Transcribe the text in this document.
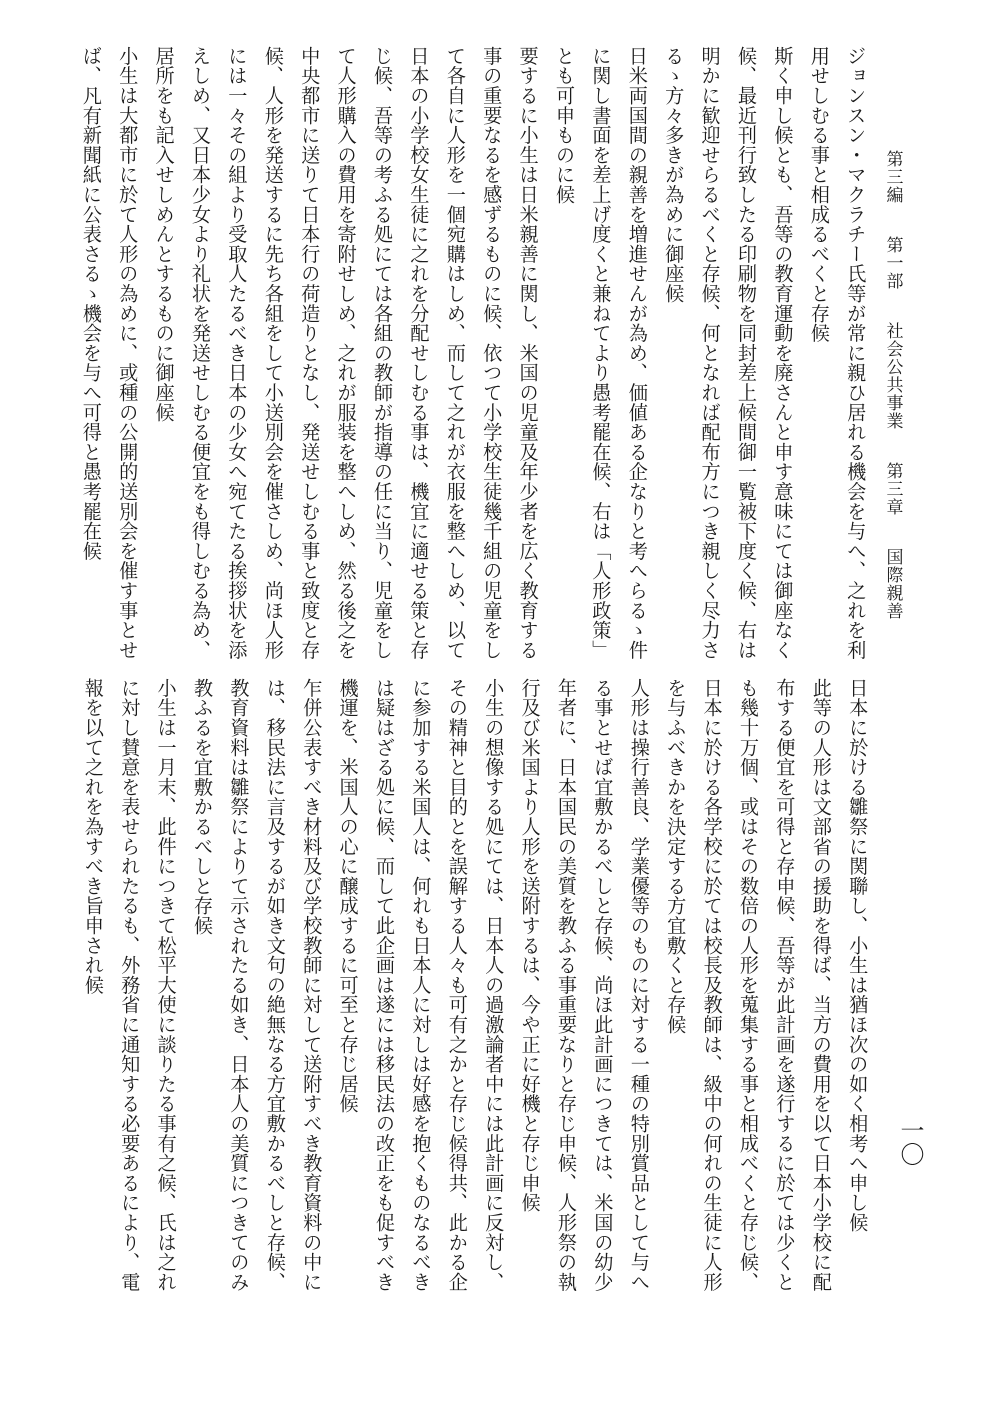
第三編
第一部
社会公共事業
第三章
国際親善
一〇
ジョンスン・マクラチー氏等が常に親ひ居れる機会を与へ、之れを利
用せしむる事と相成るべくと存候
斯く申し候とも、吾等の教育運動を廃さんと申す意味にては御座なく
候、最近刊行致したる印刷物を同封差上候間御一覧被下度く候、右は
明かに歓迎せらるべくと存候、何となれば配布方につき親しく尽力さ
るゝ方々多きが為めに御座候
日米両国間の親善を増進せんが為め、価値ある企なりと考へらるゝ件
に関し書面を差上げ度くと兼ねてより愚考罷在候、右は「人形政策」
とも可申ものに候
要するに小生は日米親善に関し、米国の児童及年少者を広く教育する
事の重要なるを感ずるものに候、依つて小学校生徒幾千組の児童をし
て各自に人形を一個宛購はしめ、而して之れが衣服を整へしめ、以て
日本の小学校女生徒に之れを分配せしむる事は、機宜に適せる策と存
じ候、吾等の考ふる処にては各組の教師が指導の任に当り、児童をし
て人形購入の費用を寄附せしめ、之れが服装を整へしめ、然る後之を
中央都市に送りて日本行の荷造りとなし、発送せしむる事と致度と存
候、人形を発送するに先ち各組をして小送別会を催さしめ、尚ほ人形
には一々その組より受取人たるべき日本の少女へ宛てたる挨拶状を添
えしめ、又日本少女より礼状を発送せしむる便宜をも得しむる為め、
居所をも記入せしめんとするものに御座候
小生は大都市に於て人形の為めに、或種の公開的送別会を催す事とせ
ば、凡有新聞紙に公表さるゝ機会を与へ可得と愚考罷在候
日本に於ける雛祭に関聯し、小生は猶ほ次の如く相考へ申し候
此等の人形は文部省の援助を得ば、当方の費用を以て日本小学校に配
布する便宜を可得と存申候、吾等が此計画を遂行するに於ては少くと
も幾十万個、或はその数倍の人形を蒐集する事と相成べくと存じ候、
日本に於ける各学校に於ては校長及教師は、級中の何れの生徒に人形
を与ふべきかを決定する方宜敷くと存候
人形は操行善良、学業優等のものに対する一種の特別賞品として与へ
る事とせば宜敷かるべしと存候、尚ほ此計画につきては、米国の幼少
年者に、日本国民の美質を教ふる事重要なりと存じ申候、人形祭の執
行及び米国より人形を送附するは、今や正に好機と存じ申候
小生の想像する処にては、日本人の過激論者中には此計画に反対し、
その精神と目的とを誤解する人々も可有之かと存じ候得共、此かる企
に参加する米国人は、何れも日本人に対しは好感を抱くものなるべき
は疑はざる処に候、而して此企画は遂には移民法の改正をも促すべき
機運を、米国人の心に醸成するに可至と存じ居候
乍併公表すべき材料及び学校教師に対して送附すべき教育資料の中に
は、移民法に言及するが如き文句の絶無なる方宜敷かるべしと存候、
教育資料は雛祭によりて示されたる如き、日本人の美質につきてのみ
教ふるを宜敷かるべしと存候
小生は一月末、此件につきて松平大使に談りたる事有之候、氏は之れ
に対し賛意を表せられたるも、外務省に通知する必要あるにより、電
報を以て之れを為すべき旨申され候
